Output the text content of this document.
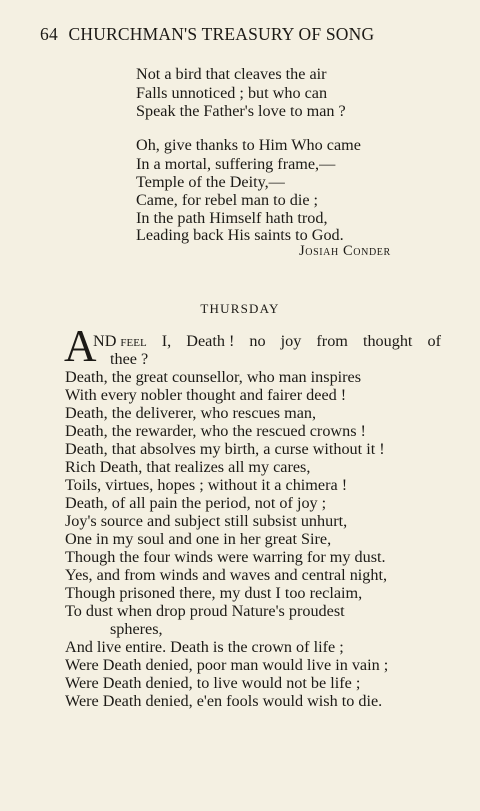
64 CHURCHMAN'S TREASURY OF SONG
Not a bird that cleaves the air
Falls unnoticed ; but who can
Speak the Father's love to man ?
Oh, give thanks to Him Who came
In a mortal, suffering frame,—
Temple of the Deity,—
Came, for rebel man to die ;
In the path Himself hath trod,
Leading back His saints to God.
Josiah Conder
THURSDAY
A
ND feel I, Death ! no joy from thought of
thee ?
Death, the great counsellor, who man inspires
With every nobler thought and fairer deed !
Death, the deliverer, who rescues man,
Death, the rewarder, who the rescued crowns !
Death, that absolves my birth, a curse without it !
Rich Death, that realizes all my cares,
Toils, virtues, hopes ; without it a chimera !
Death, of all pain the period, not of joy ;
Joy's source and subject still subsist unhurt,
One in my soul and one in her great Sire,
Though the four winds were warring for my dust.
Yes, and from winds and waves and central night,
Though prisoned there, my dust I too reclaim,
To dust when drop proud Nature's proudest
spheres,
And live entire. Death is the crown of life ;
Were Death denied, poor man would live in vain ;
Were Death denied, to live would not be life ;
Were Death denied, e'en fools would wish to die.
